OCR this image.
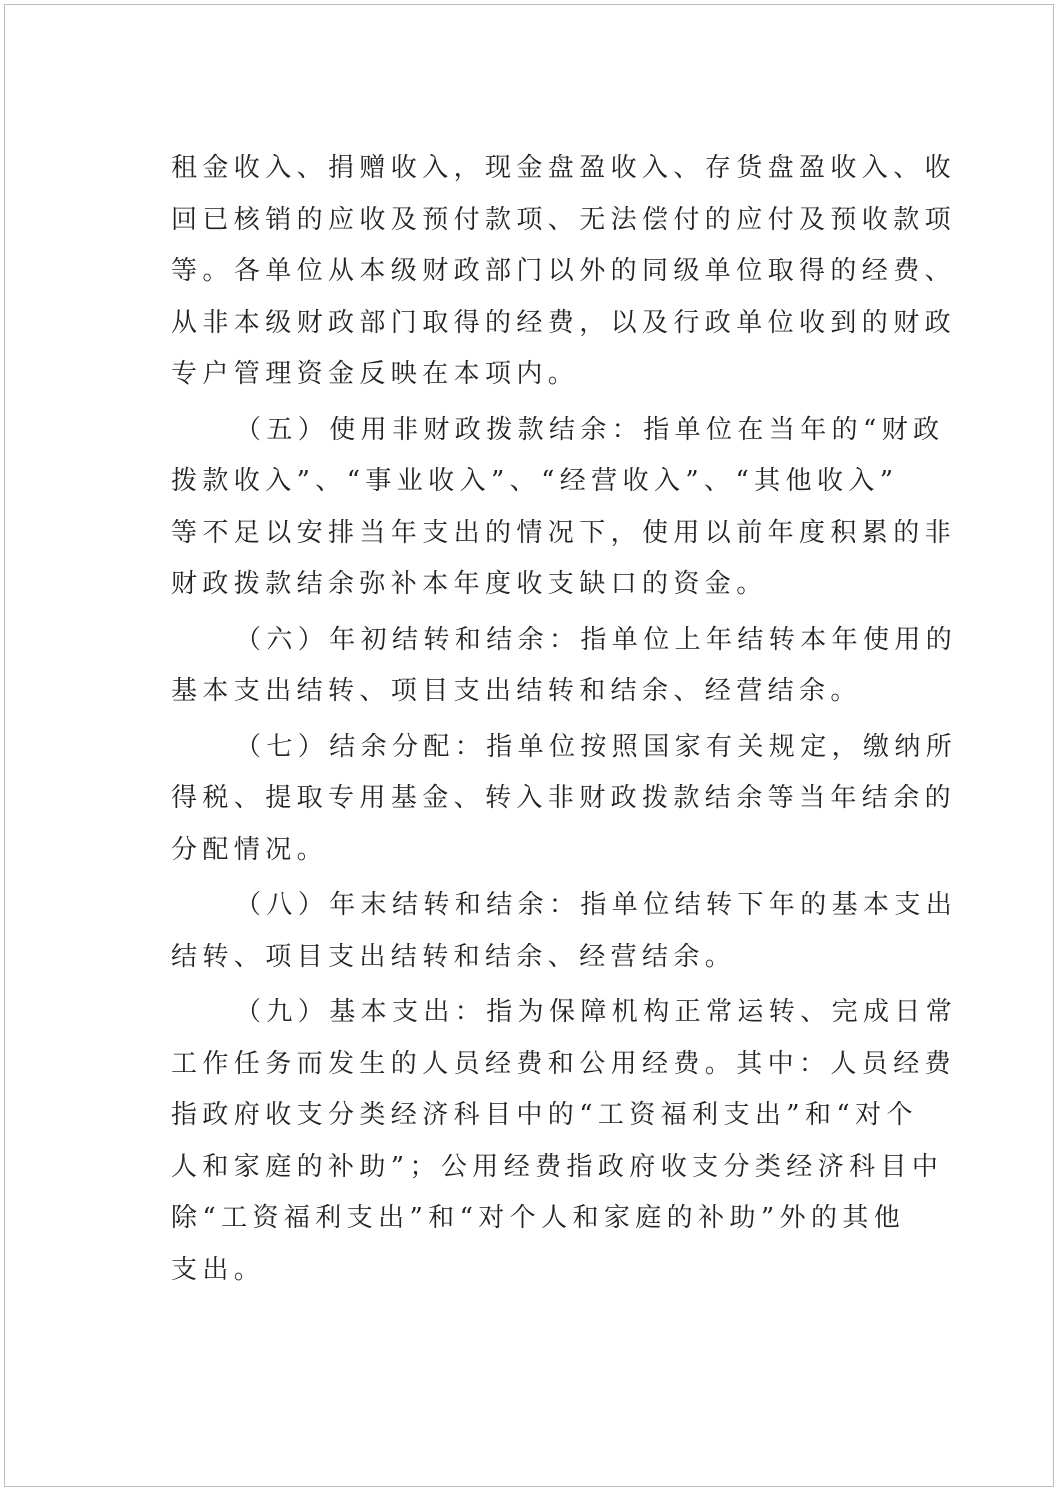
租金收入、捐赠收入，现金盘盈收入、存货盘盈收入、收
回已核销的应收及预付款项、无法偿付的应付及预收款项
等。各单位从本级财政部门以外的同级单位取得的经费、
从非本级财政部门取得的经费，以及行政单位收到的财政
专户管理资金反映在本项内。
（五）使用非财政拨款结余：指单位在当年的“财政
拨款收入”、“事业收入”、“经营收入”、“其他收入”
等不足以安排当年支出的情况下，使用以前年度积累的非
财政拨款结余弥补本年度收支缺口的资金。
（六）年初结转和结余：指单位上年结转本年使用的
基本支出结转、项目支出结转和结余、经营结余。
（七）结余分配：指单位按照国家有关规定，缴纳所
得税、提取专用基金、转入非财政拨款结余等当年结余的
分配情况。
（八）年末结转和结余：指单位结转下年的基本支出
结转、项目支出结转和结余、经营结余。
（九）基本支出：指为保障机构正常运转、完成日常
工作任务而发生的人员经费和公用经费。其中：人员经费
指政府收支分类经济科目中的“工资福利支出”和“对个
人和家庭的补助”；公用经费指政府收支分类经济科目中
除“工资福利支出”和“对个人和家庭的补助”外的其他
支出。
